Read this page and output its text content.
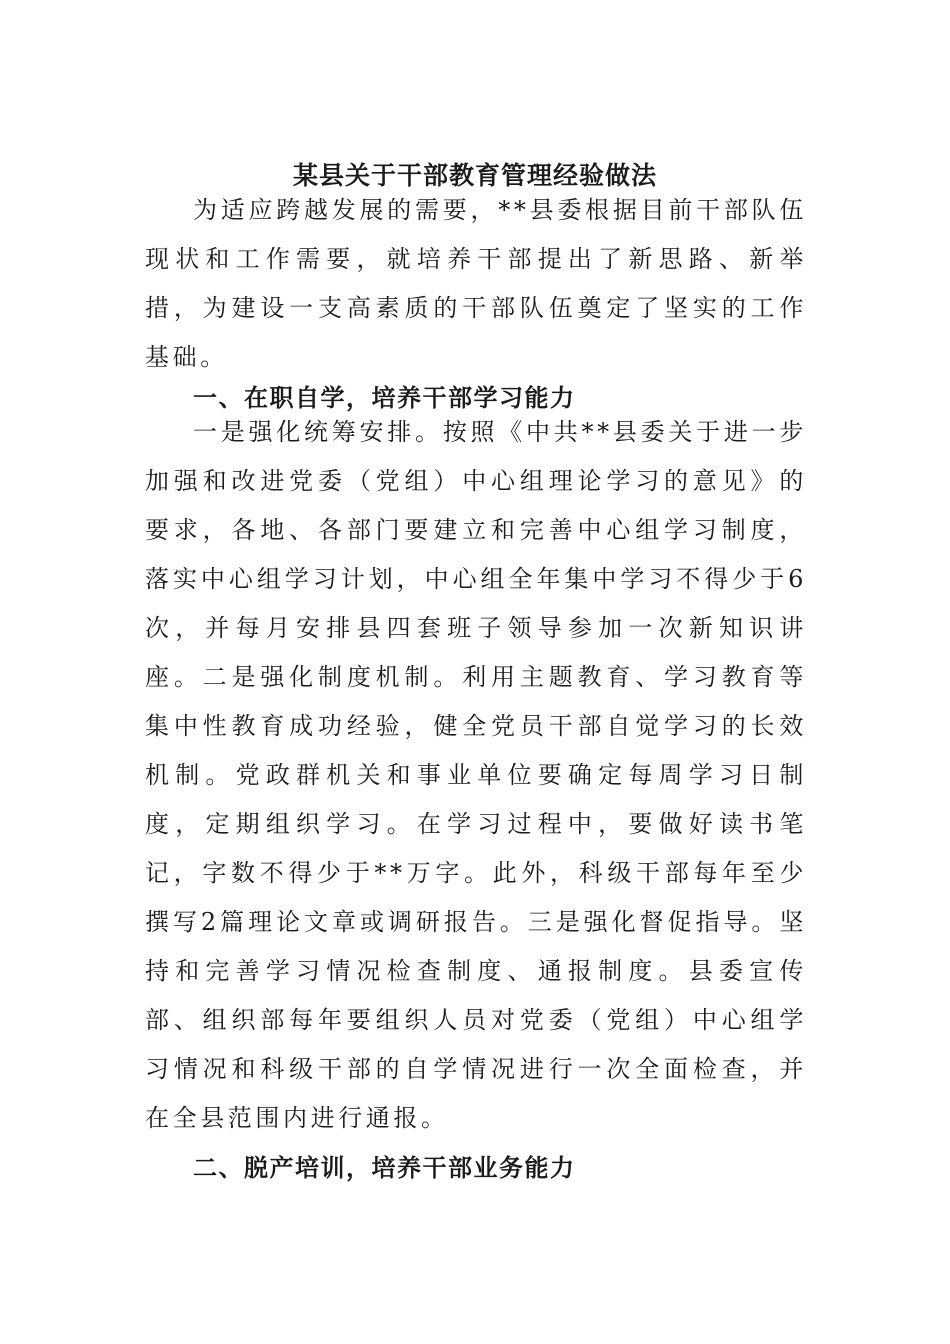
某县关于干部教育管理经验做法

为适应跨越发展的需要，**县委根据目前干部队伍现状和工作需要，就培养干部提出了新思路、新举措，为建设一支高素质的干部队伍奠定了坚实的工作基础。

一、在职自学，培养干部学习能力

一是强化统筹安排。按照《中共**县委关于进一步加强和改进党委（党组）中心组理论学习的意见》的要求，各地、各部门要建立和完善中心组学习制度，落实中心组学习计划，中心组全年集中学习不得少于6次，并每月安排县四套班子领导参加一次新知识讲座。二是强化制度机制。利用主题教育、学习教育等集中性教育成功经验，健全党员干部自觉学习的长效机制。党政群机关和事业单位要确定每周学习日制度，定期组织学习。在学习过程中，要做好读书笔记，字数不得少于**万字。此外，科级干部每年至少撰写2篇理论文章或调研报告。三是强化督促指导。坚持和完善学习情况检查制度、通报制度。县委宣传部、组织部每年要组织人员对党委（党组）中心组学习情况和科级干部的自学情况进行一次全面检查，并在全县范围内进行通报。

二、脱产培训，培养干部业务能力
